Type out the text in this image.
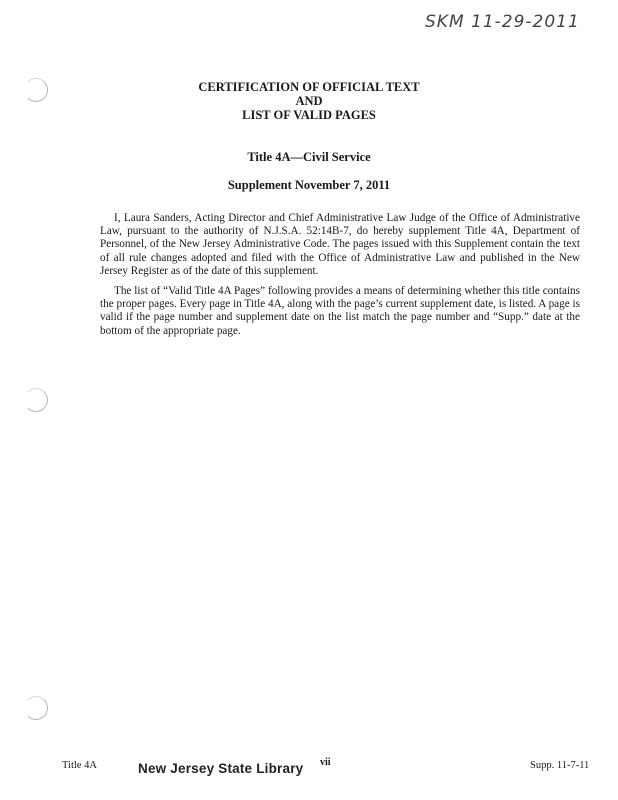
SKM 11-29-2011
CERTIFICATION OF OFFICIAL TEXT
AND
LIST OF VALID PAGES
Title 4A—Civil Service
Supplement November 7, 2011

I, Laura Sanders, Acting Director and Chief Administrative Law Judge of the Office of Administrative Law, pursuant to the authority of N.J.S.A. 52:14B-7, do hereby supplement Title 4A, Department of Personnel, of the New Jersey Administrative Code. The pages issued with this Supplement contain the text of all rule changes adopted and filed with the Office of Administrative Law and published in the New Jersey Register as of the date of this supplement.

The list of “Valid Title 4A Pages” following provides a means of determining whether this title contains the proper pages. Every page in Title 4A, along with the page’s current supplement date, is listed. A page is valid if the page number and supplement date on the list match the page number and “Supp.” date at the bottom of the appropriate page.

Title 4A	New Jersey State Library vii	Supp. 11-7-11
